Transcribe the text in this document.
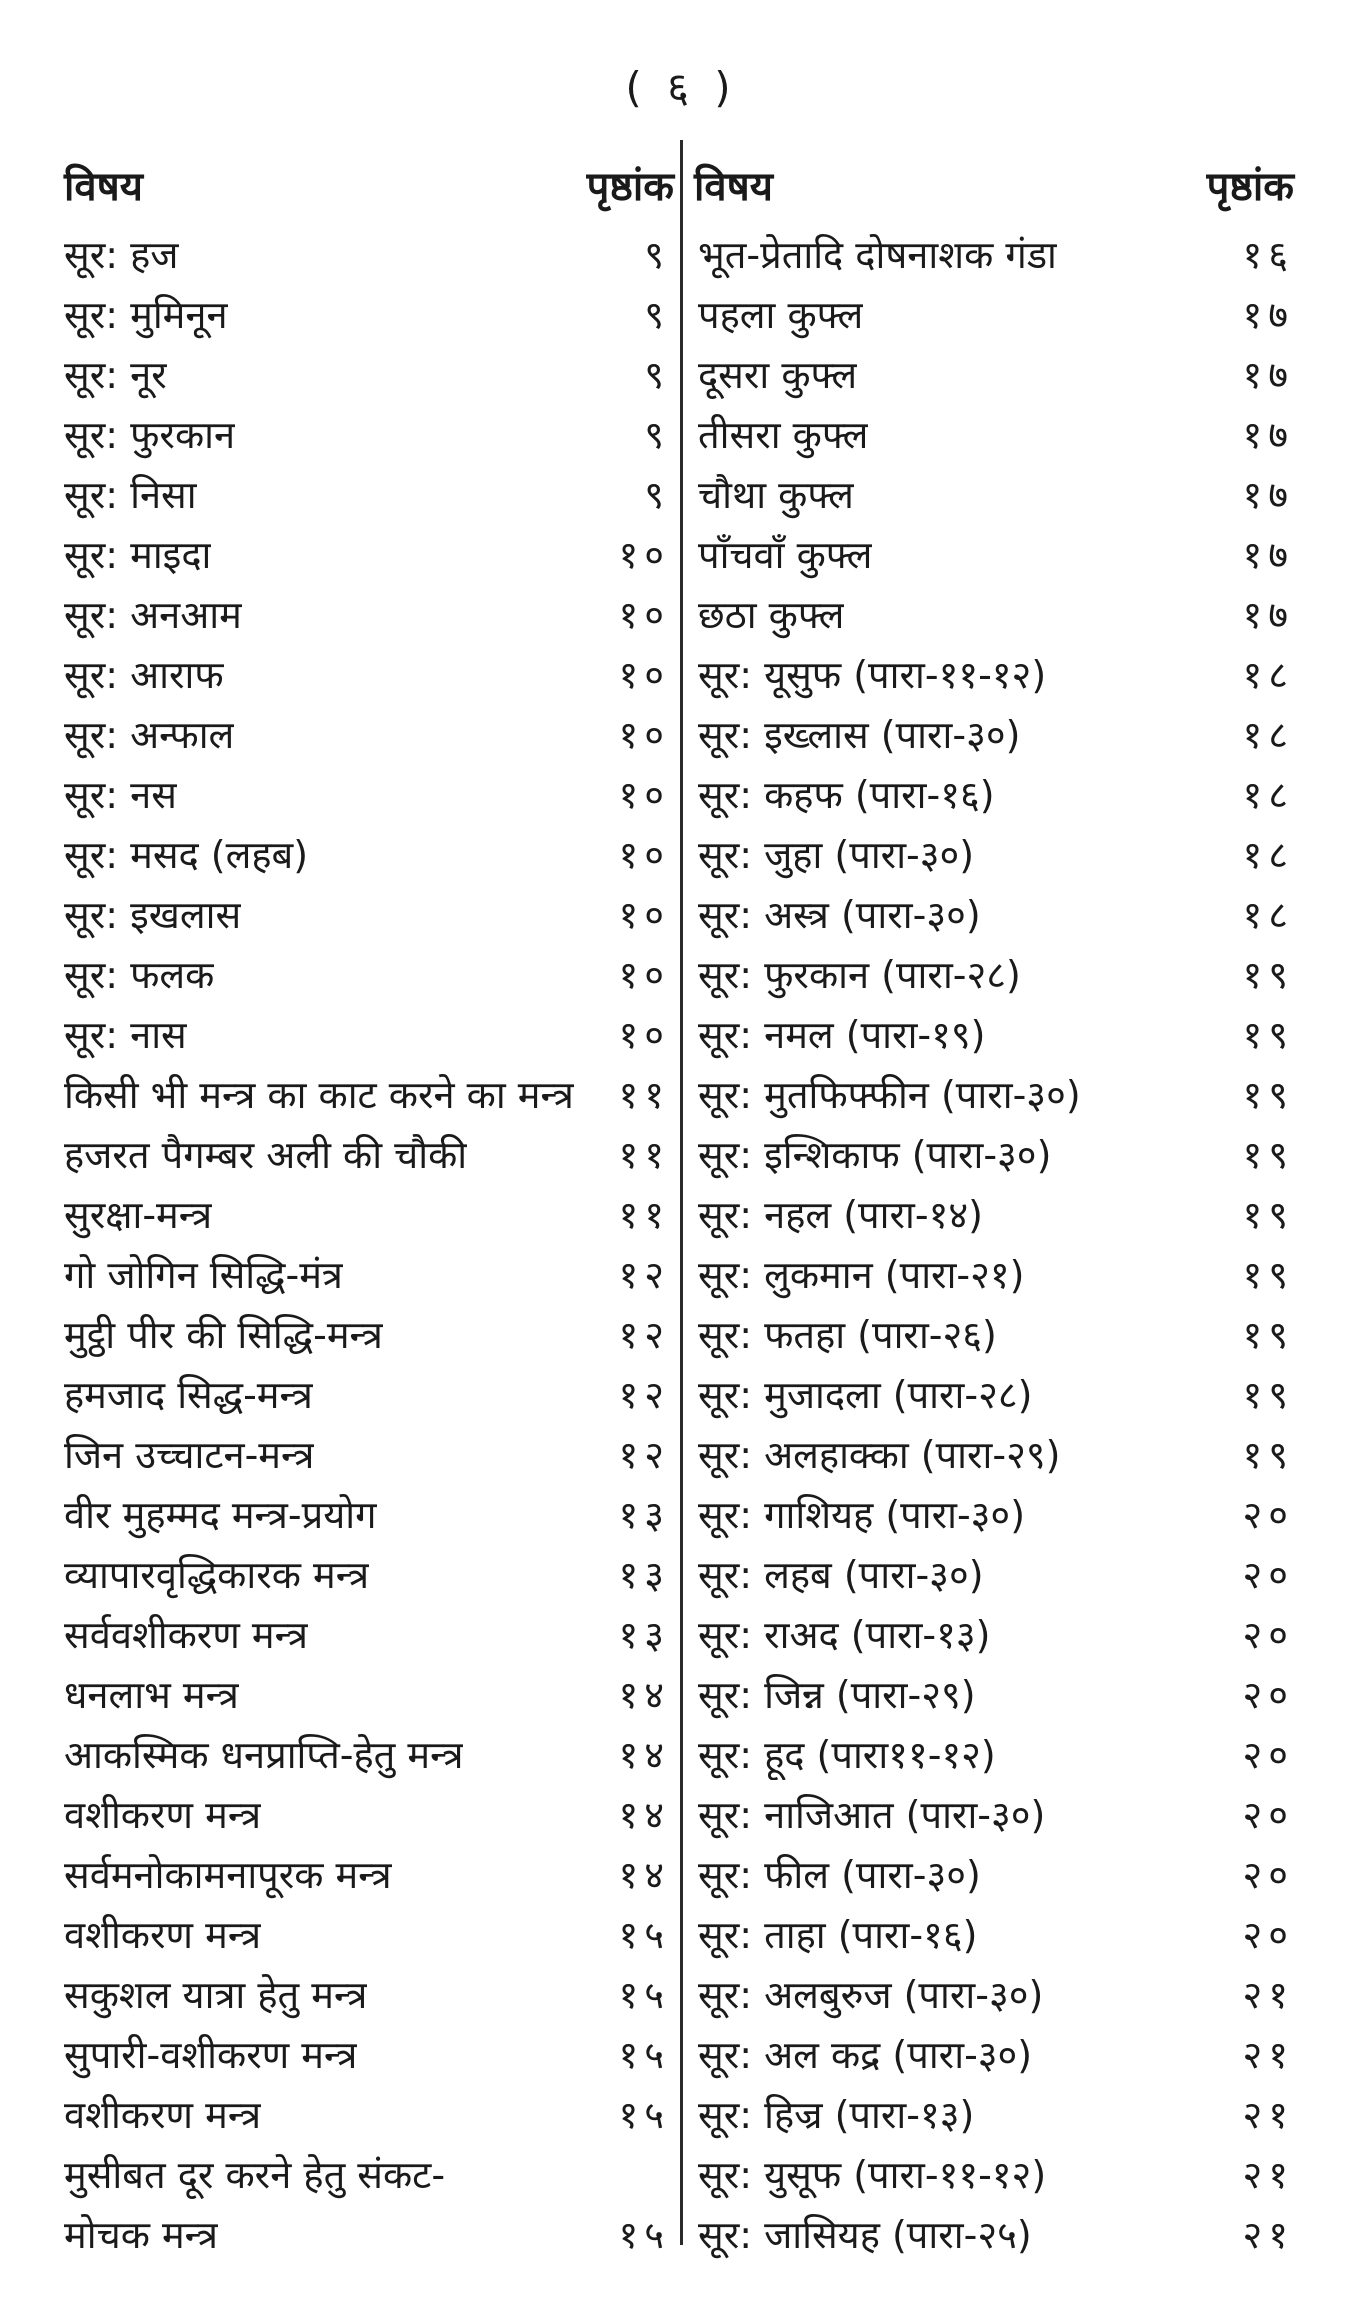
( ६ )
विषय	पृष्ठांक
सूर: हज	९
सूर: मुमिनून	९
सूर: नूर	९
सूर: फुरकान	९
सूर: निसा	९
सूर: माइदा	१०
सूर: अनआम	१०
सूर: आराफ	१०
सूर: अन्फाल	१०
सूर: नस	१०
सूर: मसद (लहब)	१०
सूर: इखलास	१०
सूर: फलक	१०
सूर: नास	१०
किसी भी मन्त्र का काट करने का मन्त्र ११
हजरत पैगम्बर अली की चौकी	११
सुरक्षा-मन्त्र	११
गो जोगिन सिद्धि-मंत्र	१२
मुट्ठी पीर की सिद्धि-मन्त्र	१२
हमजाद सिद्ध-मन्त्र	१२
जिन उच्चाटन-मन्त्र	१२
वीर मुहम्मद मन्त्र-प्रयोग	१३
व्यापारवृद्धिकारक मन्त्र	१३
सर्ववशीकरण मन्त्र	१३
धनलाभ मन्त्र	१४
आकस्मिक धनप्राप्ति-हेतु मन्त्र	१४
वशीकरण मन्त्र	१४
सर्वमनोकामनापूरक मन्त्र	१४
वशीकरण मन्त्र	१५
सकुशल यात्रा हेतु मन्त्र	१५
सुपारी-वशीकरण मन्त्र	१५
वशीकरण मन्त्र	१५
मुसीबत दूर करने हेतु संकट-
मोचक मन्त्र	१५
विषय	पृष्ठांक
भूत-प्रेतादि दोषनाशक गंडा	१६
पहला कुफ्ल	१७
दूसरा कुफ्ल	१७
तीसरा कुफ्ल	१७
चौथा कुफ्ल	१७
पाँचवाँ कुफ्ल	१७
छठा कुफ्ल	१७
सूर: यूसुफ (पारा-११-१२)	१८
सूर: इख्लास (पारा-३०)	१८
सूर: कहफ (पारा-१६)	१८
सूर: जुहा (पारा-३०)	१८
सूर: अस्त्र (पारा-३०)	१८
सूर: फुरकान (पारा-२८)	१९
सूर: नमल (पारा-१९)	१९
सूर: मुतफिफ्फीन (पारा-३०)	१९
सूर: इन्शिकाफ (पारा-३०)	१९
सूर: नहल (पारा-१४)	१९
सूर: लुकमान (पारा-२१)	१९
सूर: फतहा (पारा-२६)	१९
सूर: मुजादला (पारा-२८)	१९
सूर: अलहाक्का (पारा-२९)	१९
सूर: गाशियह (पारा-३०)	२०
सूर: लहब (पारा-३०)	२०
सूर: राअद (पारा-१३)	२०
सूर: जिन्न (पारा-२९)	२०
सूर: हूद (पारा११-१२)	२०
सूर: नाजिआत (पारा-३०)	२०
सूर: फील (पारा-३०)	२०
सूर: ताहा (पारा-१६)	२०
सूर: अलबुरुज (पारा-३०)	२१
सूर: अल कद्र (पारा-३०)	२१
सूर: हिज्र (पारा-१३)	२१
सूर: युसूफ (पारा-११-१२)	२१
सूर: जासियह (पारा-२५)	२१
